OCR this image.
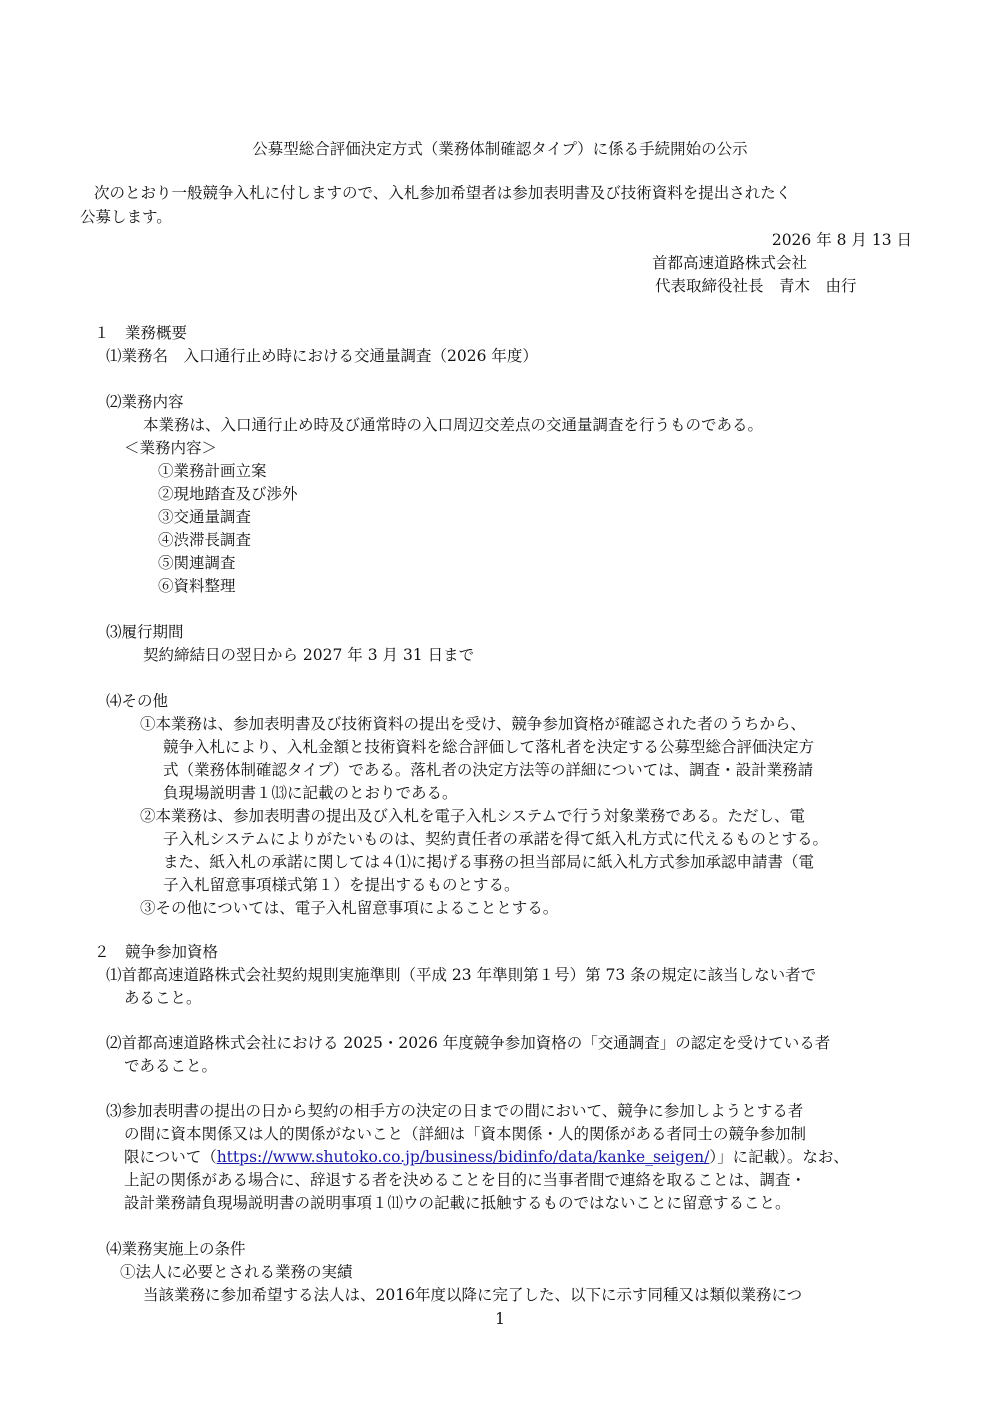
公募型総合評価決定方式（業務体制確認タイプ）に係る手続開始の公示
次のとおり一般競争入札に付しますので、入札参加希望者は参加表明書及び技術資料を提出されたく
公募します。
2026 年 8 月 13 日
首都高速道路株式会社
代表取締役社長　青木　由行
１　業務概要
⑴業務名　入口通行止め時における交通量調査（2026 年度）
⑵業務内容
本業務は、入口通行止め時及び通常時の入口周辺交差点の交通量調査を行うものである。
＜業務内容＞
①業務計画立案
②現地踏査及び渉外
③交通量調査
④渋滞長調査
⑤関連調査
⑥資料整理
⑶履行期間
契約締結日の翌日から 2027 年 3 月 31 日まで
⑷その他
①本業務は、参加表明書及び技術資料の提出を受け、競争参加資格が確認された者のうちから、
競争入札により、入札金額と技術資料を総合評価して落札者を決定する公募型総合評価決定方
式（業務体制確認タイプ）である。落札者の決定方法等の詳細については、調査・設計業務請
負現場説明書１⒀に記載のとおりである。
②本業務は、参加表明書の提出及び入札を電子入札システムで行う対象業務である。ただし、電
子入札システムによりがたいものは、契約責任者の承諾を得て紙入札方式に代えるものとする。
また、紙入札の承諾に関しては４⑴に掲げる事務の担当部局に紙入札方式参加承認申請書（電
子入札留意事項様式第１）を提出するものとする。
③その他については、電子入札留意事項によることとする。
２　競争参加資格
⑴首都高速道路株式会社契約規則実施準則（平成 23 年準則第１号）第 73 条の規定に該当しない者で
あること。
⑵首都高速道路株式会社における 2025・2026 年度競争参加資格の「交通調査」の認定を受けている者
であること。
⑶参加表明書の提出の日から契約の相手方の決定の日までの間において、競争に参加しようとする者
の間に資本関係又は人的関係がないこと（詳細は「資本関係・人的関係がある者同士の競争参加制
限について（https://www.shutoko.co.jp/business/bidinfo/data/kanke_seigen/）」に記載）。なお、
上記の関係がある場合に、辞退する者を決めることを目的に当事者間で連絡を取ることは、調査・
設計業務請負現場説明書の説明事項１⑾ウの記載に抵触するものではないことに留意すること。
⑷業務実施上の条件
①法人に必要とされる業務の実績
当該業務に参加希望する法人は、2016年度以降に完了した、以下に示す同種又は類似業務につ
1
